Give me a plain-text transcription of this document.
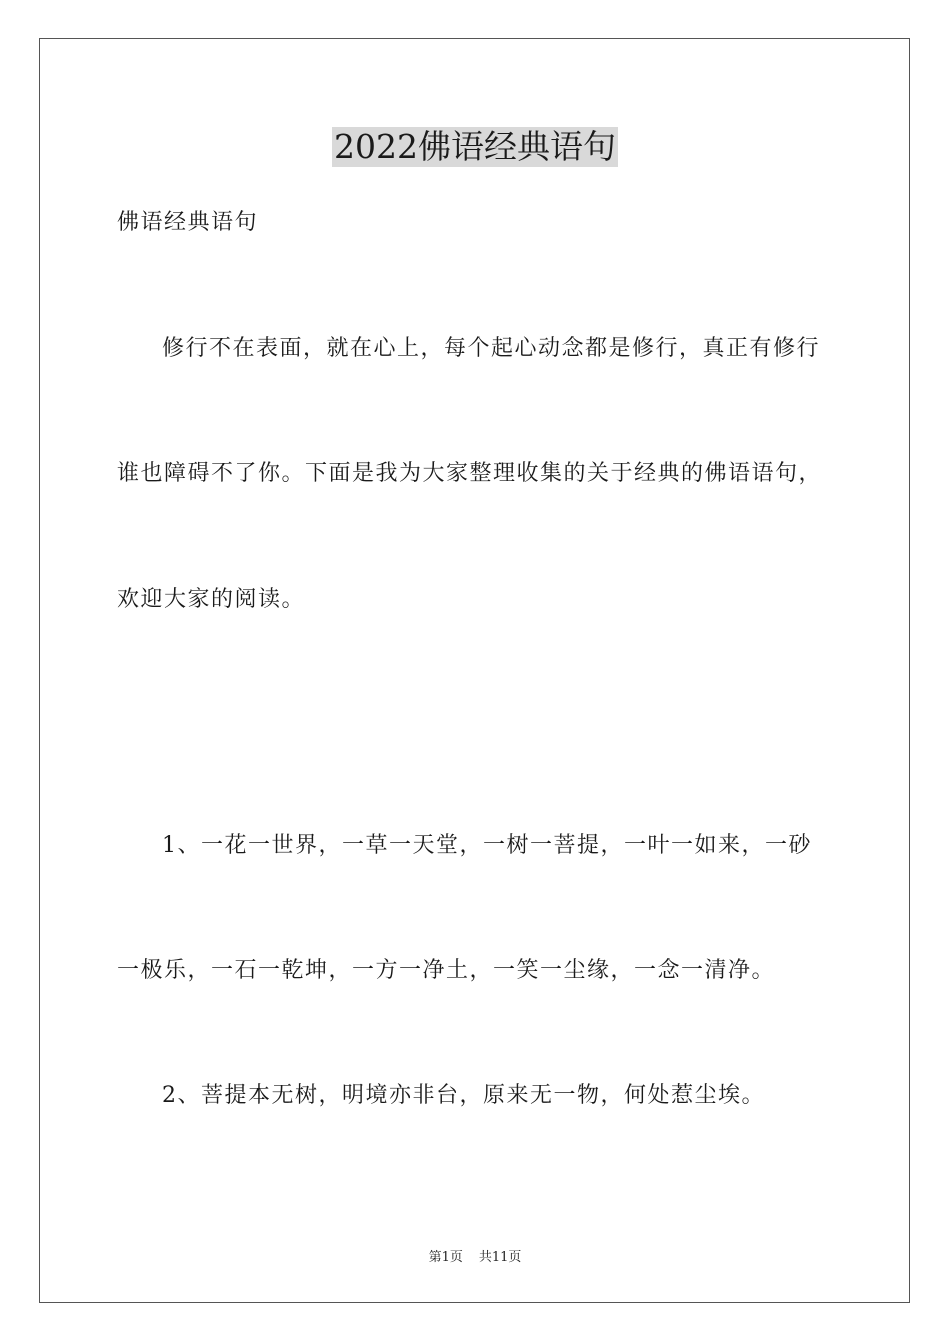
2022佛语经典语句
佛语经典语句
修行不在表面，就在心上，每个起心动念都是修行，真正有修行
谁也障碍不了你。下面是我为大家整理收集的关于经典的佛语语句，
欢迎大家的阅读。
1、一花一世界，一草一天堂，一树一菩提，一叶一如来，一砂
一极乐，一石一乾坤，一方一净土，一笑一尘缘，一念一清净。
2、菩提本无树，明境亦非台，原来无一物，何处惹尘埃。
第1页 共11页
